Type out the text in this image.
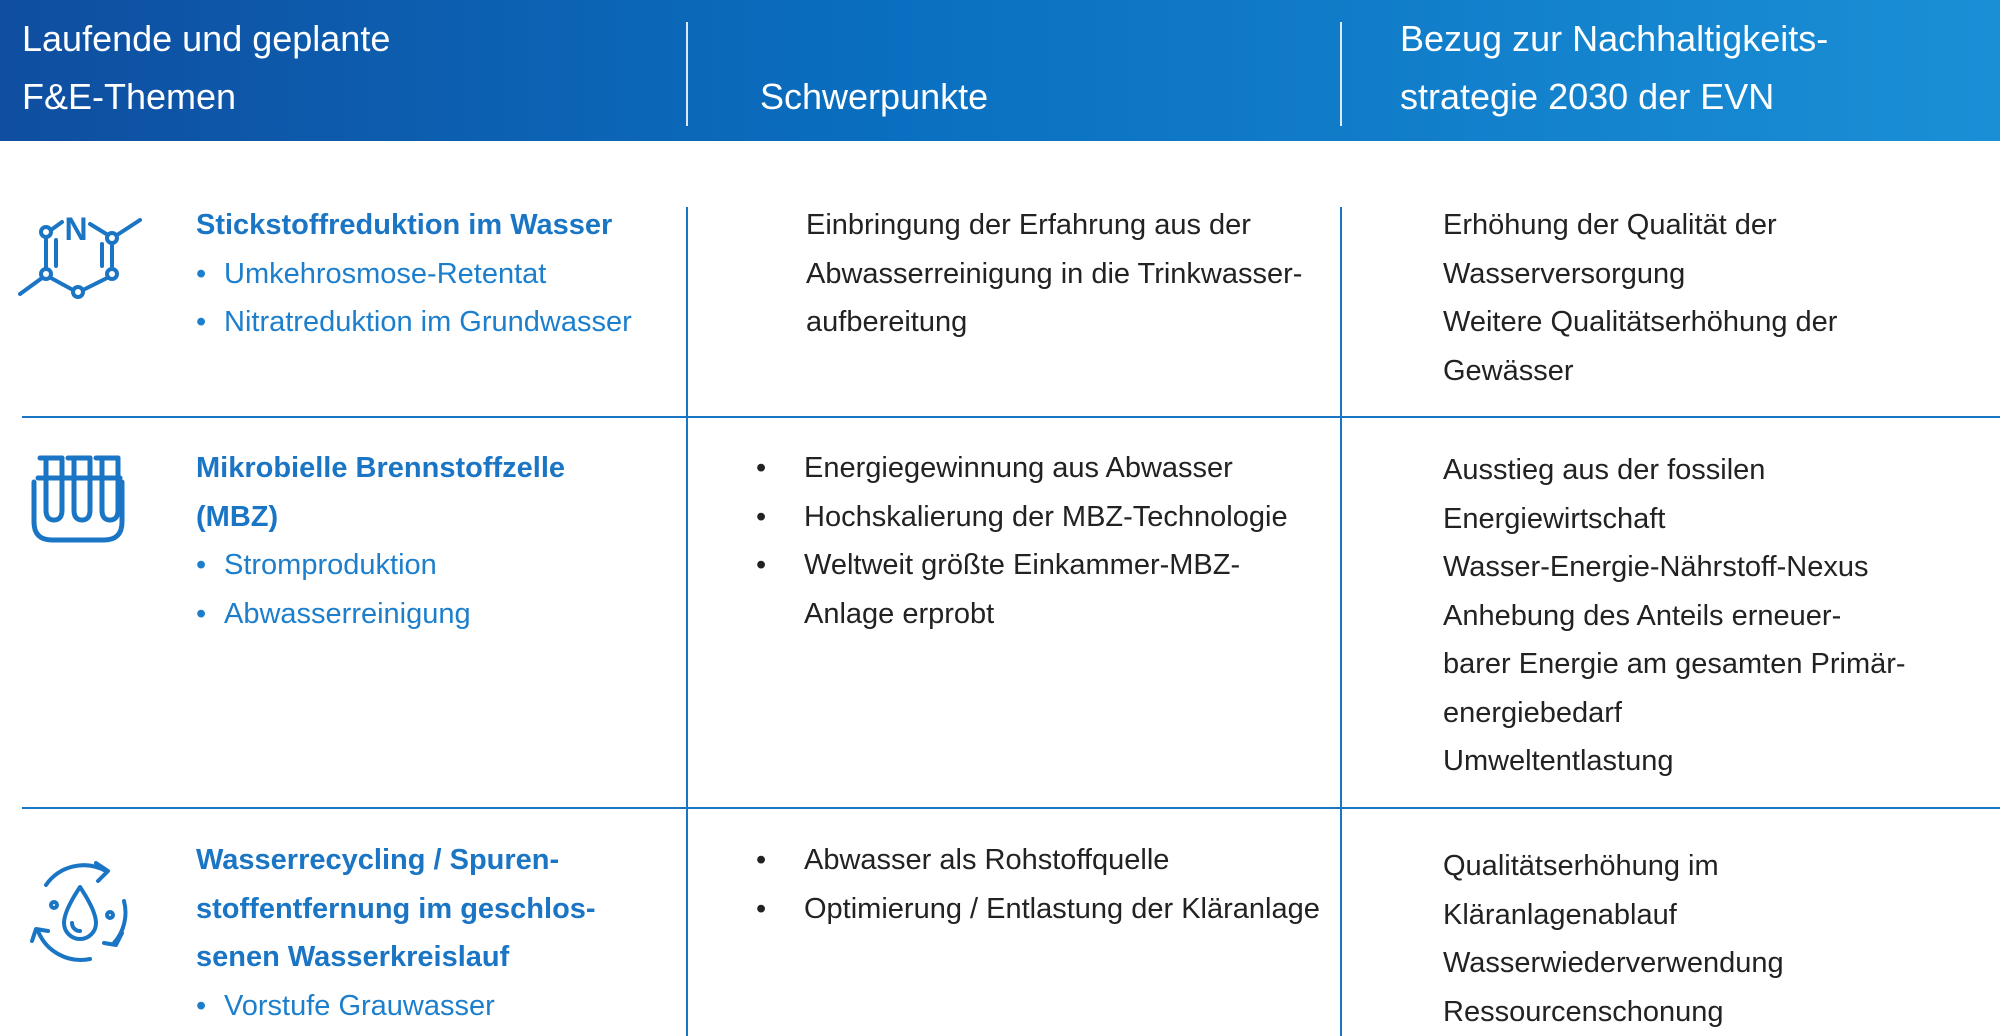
Laufende und geplante
F&E-Themen	Schwerpunkte
Bezug zur Nachhaltigkeits-
strategie 2030 der EVN
N	Stickstoffreduktion im Wasser
• Umkehrosmose-Retentat
• Nitratreduktion im Grundwasser
Einbringung der Erfahrung aus der
Abwasserreinigung in die Trinkwasser-
aufbereitung
Erhöhung der Qualität der
Wasserversorgung
Weitere Qualitätserhöhung der
Gewässer
Mikrobielle Brennstoffzelle
(MBZ)
• Stromproduktion
• Abwasserreinigung
• Energiegewinnung aus Abwasser
• Hochskalierung der MBZ-Technologie
• Weltweit größte Einkammer-MBZ-
Anlage erprobt
Ausstieg aus der fossilen
Energiewirtschaft
Wasser-Energie-Nährstoff-Nexus
Anhebung des Anteils erneuer-
barer Energie am gesamten Primär-
energiebedarf
Umweltentlastung
Wasserrecycling / Spuren-
stoffentfernung im geschlos-
senen Wasserkreislauf
• Vorstufe Grauwasser
• Abwasser als Rohstoffquelle
• Optimierung / Entlastung der Kläranlage
Qualitätserhöhung im
Kläranlagenablauf
Wasserwiederverwendung
Ressourcenschonung
